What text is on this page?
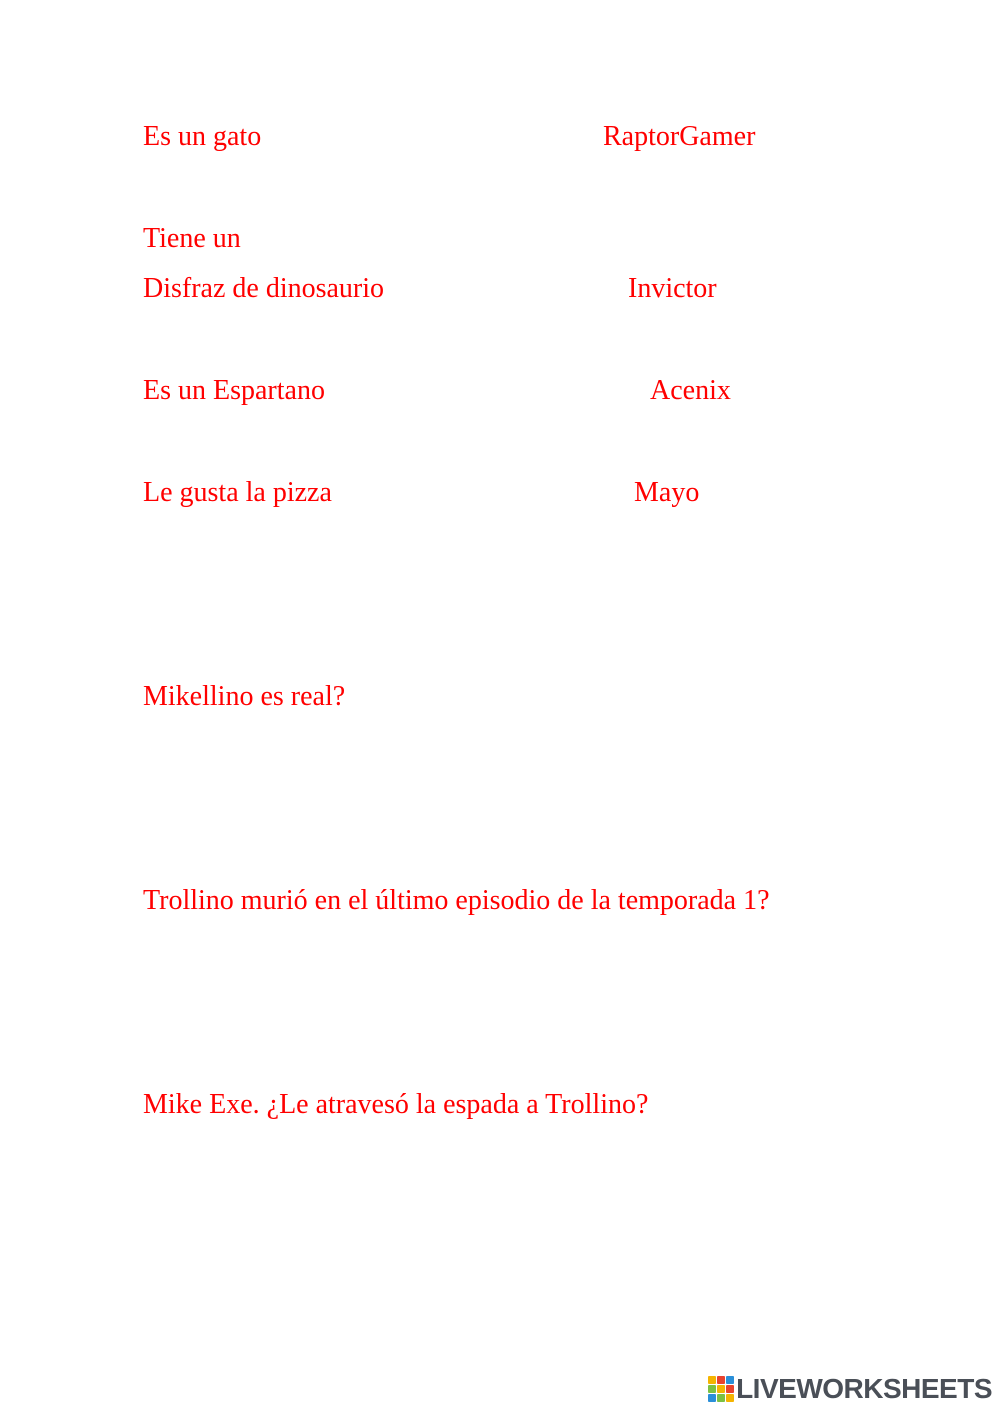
Es un gato	RaptorGamer
Tiene un
Disfraz de dinosaurio	Invictor
Es un Espartano	Acenix
Le gusta la pizza	Mayo
Mikellino es real?
Trollino murió en el último episodio de la temporada 1?
Mike Exe. ¿Le atravesó la espada a Trollino?
LIVEWORKSHEETS
